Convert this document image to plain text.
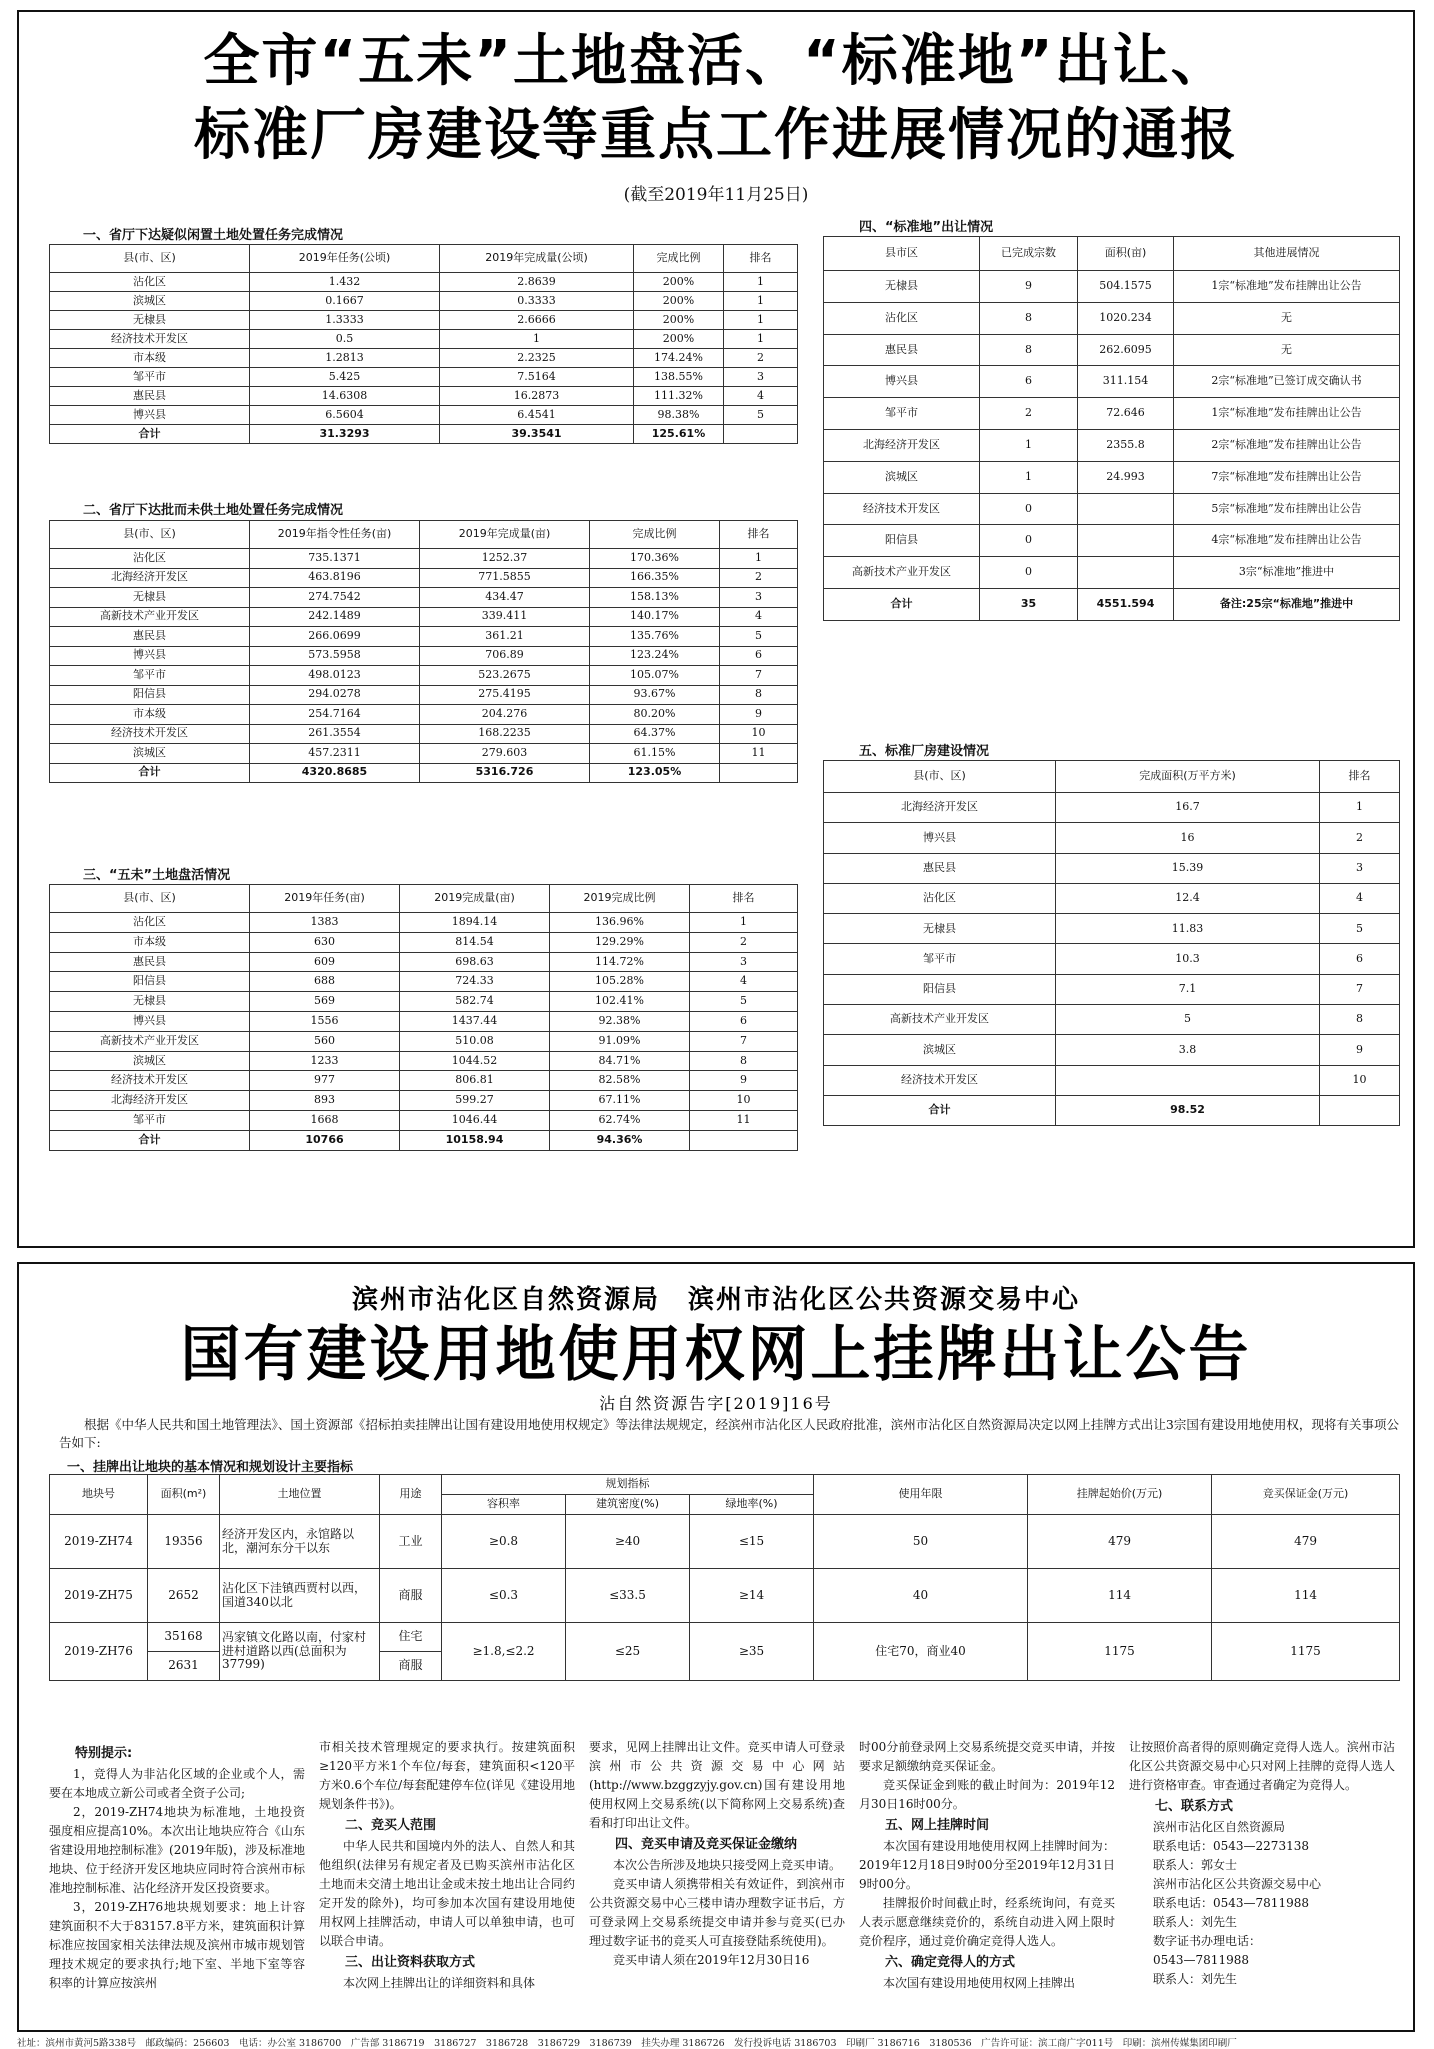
全市“五未”土地盘活、“标准地”出让、
标准厂房建设等重点工作进展情况的通报
(截至2019年11月25日)
一、省厅下达疑似闲置土地处置任务完成情况
县(市、区)	2019年任务(公顷)	2019年完成量(公顷)	完成比例	排名
沾化区	1.432	2.8639	200%	1
滨城区	0.1667	0.3333	200%	1
无棣县	1.3333	2.6666	200%	1
经济技术开发区	0.5	1	200%	1
市本级	1.2813	2.2325	174.24%	2
邹平市	5.425	7.5164	138.55%	3
惠民县	14.6308	16.2873	111.32%	4
博兴县	6.5604	6.4541	98.38%	5
合计	31.3293	39.3541	125.61%	
二、省厅下达批而未供土地处置任务完成情况
县(市、区)	2019年指令性任务(亩)	2019年完成量(亩)	完成比例	排名
沾化区	735.1371	1252.37	170.36%	1
北海经济开发区	463.8196	771.5855	166.35%	2
无棣县	274.7542	434.47	158.13%	3
高新技术产业开发区	242.1489	339.411	140.17%	4
惠民县	266.0699	361.21	135.76%	5
博兴县	573.5958	706.89	123.24%	6
邹平市	498.0123	523.2675	105.07%	7
阳信县	294.0278	275.4195	93.67%	8
市本级	254.7164	204.276	80.20%	9
经济技术开发区	261.3554	168.2235	64.37%	10
滨城区	457.2311	279.603	61.15%	11
合计	4320.8685	5316.726	123.05%	
三、“五未”土地盘活情况
县(市、区)	2019年任务(亩)	2019完成量(亩)	2019完成比例	排名
沾化区	1383	1894.14	136.96%	1
市本级	630	814.54	129.29%	2
惠民县	609	698.63	114.72%	3
阳信县	688	724.33	105.28%	4
无棣县	569	582.74	102.41%	5
博兴县	1556	1437.44	92.38%	6
高新技术产业开发区	560	510.08	91.09%	7
滨城区	1233	1044.52	84.71%	8
经济技术开发区	977	806.81	82.58%	9
北海经济开发区	893	599.27	67.11%	10
邹平市	1668	1046.44	62.74%	11
合计	10766	10158.94	94.36%	
四、“标准地”出让情况
县市区	已完成宗数	面积(亩)	其他进展情况
无棣县	9	504.1575	1宗“标准地”发布挂牌出让公告
沾化区	8	1020.234	无
惠民县	8	262.6095	无
博兴县	6	311.154	2宗“标准地”已签订成交确认书
邹平市	2	72.646	1宗“标准地”发布挂牌出让公告
北海经济开发区	1	2355.8	2宗“标准地”发布挂牌出让公告
滨城区	1	24.993	7宗“标准地”发布挂牌出让公告
经济技术开发区	0		5宗“标准地”发布挂牌出让公告
阳信县	0		4宗“标准地”发布挂牌出让公告
高新技术产业开发区	0		3宗“标准地”推进中
合计	35	4551.594	备注:25宗“标准地”推进中
五、标准厂房建设情况
县(市、区)	完成面积(万平方米)	排名
北海经济开发区	16.7	1
博兴县	16	2
惠民县	15.39	3
沾化区	12.4	4
无棣县	11.83	5
邹平市	10.3	6
阳信县	7.1	7
高新技术产业开发区	5	8
滨城区	3.8	9
经济技术开发区		10
合计	98.52	
滨州市沾化区自然资源局　滨州市沾化区公共资源交易中心
国有建设用地使用权网上挂牌出让公告
沾自然资源告字[2019]16号

根据《中华人民共和国土地管理法》、国土资源部《招标拍卖挂牌出让国有建设用地使用权规定》等法律法规规定，经滨州市沾化区人民政府批准，滨州市沾化区自然资源局决定以网上挂牌方式出让3宗国有建设用地使用权，现将有关事项公告如下:

一、挂牌出让地块的基本情况和规划设计主要指标
地块号	面积(m²)	土地位置	用途	规划指标			使用年限	挂牌起始价(万元)	竞买保证金(万元)
				容积率	建筑密度(%)	绿地率(%)			
2019-ZH74	19356	经济开发区内，永馆路以北，潮河东分干以东	工业	≥0.8	≥40	≤15	50	479	479
2019-ZH75	2652	沾化区下洼镇西贾村以西，国道340以北	商服	≤0.3	≤33.5	≥14	40	114	114
2019-ZH76	35168	冯家镇文化路以南，付家村进村道路以西(总面积为37799)	住宅	≥1.8,≤2.2	≤25	≥35	住宅70，商业40	1175	1175
	2631		商服						
特别提示:

1，竞得人为非沾化区域的企业或个人，需要在本地成立新公司或者全资子公司;

2，2019-ZH74地块为标准地，土地投资强度相应提高10%。本次出让地块应符合《山东省建设用地控制标准》(2019年版)，涉及标准地地块、位于经济开发区地块应同时符合滨州市标准地控制标准、沾化经济开发区投资要求。

3，2019-ZH76地块规划要求：地上计容建筑面积不大于83157.8平方米，建筑面积计算标准应按国家相关法律法规及滨州市城市规划管理技术规定的要求执行;地下室、半地下室等容积率的计算应按滨州

市相关技术管理规定的要求执行。按建筑面积≥120平方米1个车位/每套，建筑面积<120平方米0.6个车位/每套配建停车位(详见《建设用地规划条件书》)。

二、竞买人范围

中华人民共和国境内外的法人、自然人和其他组织(法律另有规定者及已购买滨州市沾化区土地而未交清土地出让金或未按土地出让合同约定开发的除外)，均可参加本次国有建设用地使用权网上挂牌活动，申请人可以单独申请，也可以联合申请。

三、出让资料获取方式

本次网上挂牌出让的详细资料和具体

要求，见网上挂牌出让文件。竞买申请人可登录滨州市公共资源交易中心网站(http://www.bzggzyjy.gov.cn)国有建设用地使用权网上交易系统(以下简称网上交易系统)查看和打印出让文件。

四、竞买申请及竞买保证金缴纳

本次公告所涉及地块只接受网上竞买申请。

竞买申请人须携带相关有效证件，到滨州市公共资源交易中心三楼申请办理数字证书后，方可登录网上交易系统提交申请并参与竞买(已办理过数字证书的竞买人可直接登陆系统使用)。

竞买申请人须在2019年12月30日16

时00分前登录网上交易系统提交竞买申请，并按要求足额缴纳竞买保证金。

竞买保证金到账的截止时间为：2019年12月30日16时00分。

五、网上挂牌时间

本次国有建设用地使用权网上挂牌时间为：2019年12月18日9时00分至2019年12月31日9时00分。

挂牌报价时间截止时，经系统询问，有竞买人表示愿意继续竞价的，系统自动进入网上限时竞价程序，通过竞价确定竞得人选人。

六、确定竞得人的方式

本次国有建设用地使用权网上挂牌出

让按照价高者得的原则确定竞得人选人。滨州市沾化区公共资源交易中心只对网上挂牌的竞得人选人进行资格审查。审查通过者确定为竞得人。

七、联系方式

滨州市沾化区自然资源局

联系电话：0543—2273138

联系人：郭女士

滨州市沾化区公共资源交易中心

联系电话：0543—7811988

联系人：刘先生

数字证书办理电话：

0543—7811988

联系人：刘先生

社址：滨州市黄河5路338号　邮政编码：256603　电话：办公室 3186700　广告部 3186719　3186727　3186728　3186729　3186739　挂失办理 3186726　发行投诉电话 3186703　印刷厂 3186716　3180536　广告许可证：滨工商广字011号　印刷：滨州传媒集团印刷厂
